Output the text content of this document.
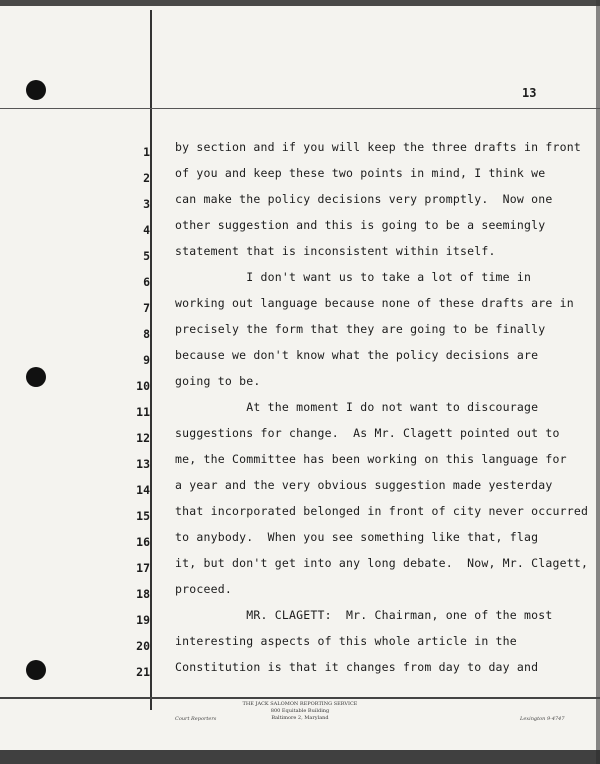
13
1 by section and if you will keep the three drafts in front
2 of you and keep these two points in mind, I think we
3 can make the policy decisions very promptly.  Now one
4 other suggestion and this is going to be a seemingly
5 statement that is inconsistent within itself.
6 I don't want us to take a lot of time in
7 working out language because none of these drafts are in
8 precisely the form that they are going to be finally
9 because we don't know what the policy decisions are
10 going to be.
11 At the moment I do not want to discourage
12 suggestions for change.  As Mr. Clagett pointed out to
13 me, the Committee has been working on this language for
14 a year and the very obvious suggestion made yesterday
15 that incorporated belonged in front of city never occurred
16 to anybody.  When you see something like that, flag
17 it, but don't get into any long debate.  Now, Mr. Clagett,
18 proceed.
19 MR. CLAGETT:  Mr. Chairman, one of the most
20 interesting aspects of this whole article in the
21 Constitution is that it changes from day to day and
THE JACK SALOMON REPORTING SERVICE
800 Equitable Building
Baltimore 2, Maryland
Court Reporters	Lexington 9-4747
